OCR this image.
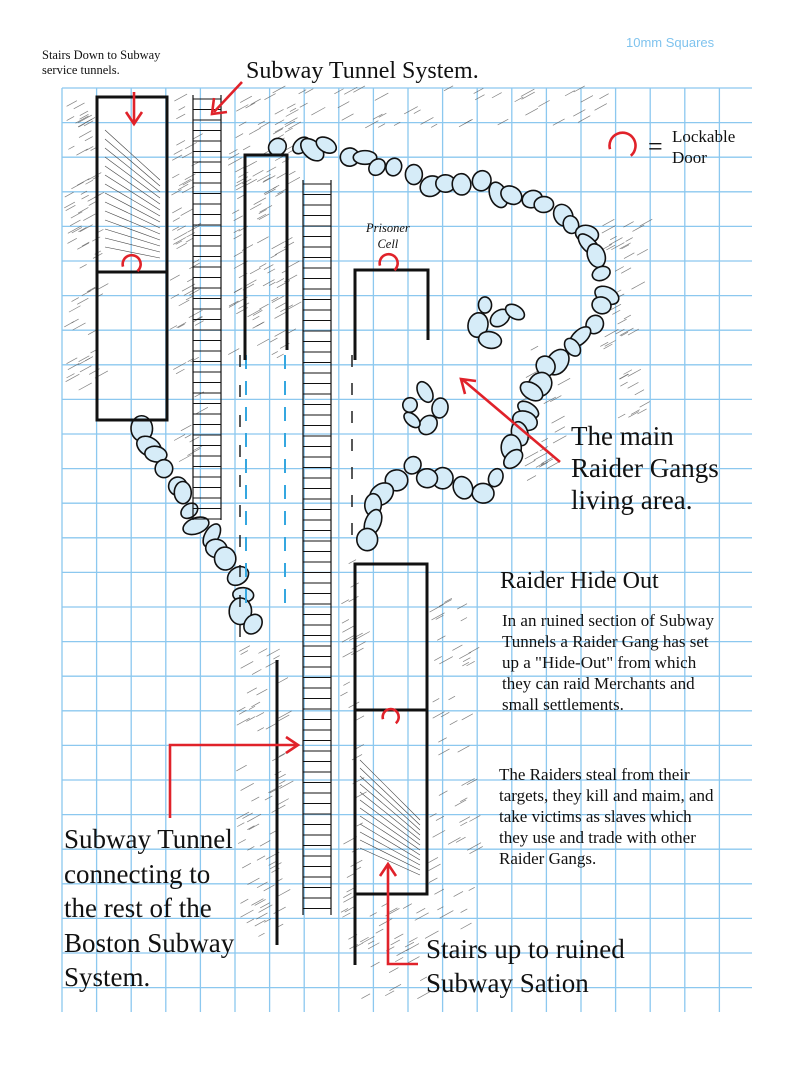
10mm Squares
Stairs Down to Subway
service tunnels.	Subway Tunnel System.
Lockable
Door
=
Prisoner
Cell
The main
Raider Gangs
living area.
Raider Hide Out
In an ruined section of Subway
Tunnels a Raider Gang has set
up a "Hide-Out" from which
they can raid Merchants and
small settlements.
The Raiders steal from their
targets, they kill and maim, and
take victims as slaves which
they use and trade with other
Raider Gangs.
Subway Tunnel
connecting to
the rest of the
Boston Subway
System.
Stairs up to ruined
Subway Sation
